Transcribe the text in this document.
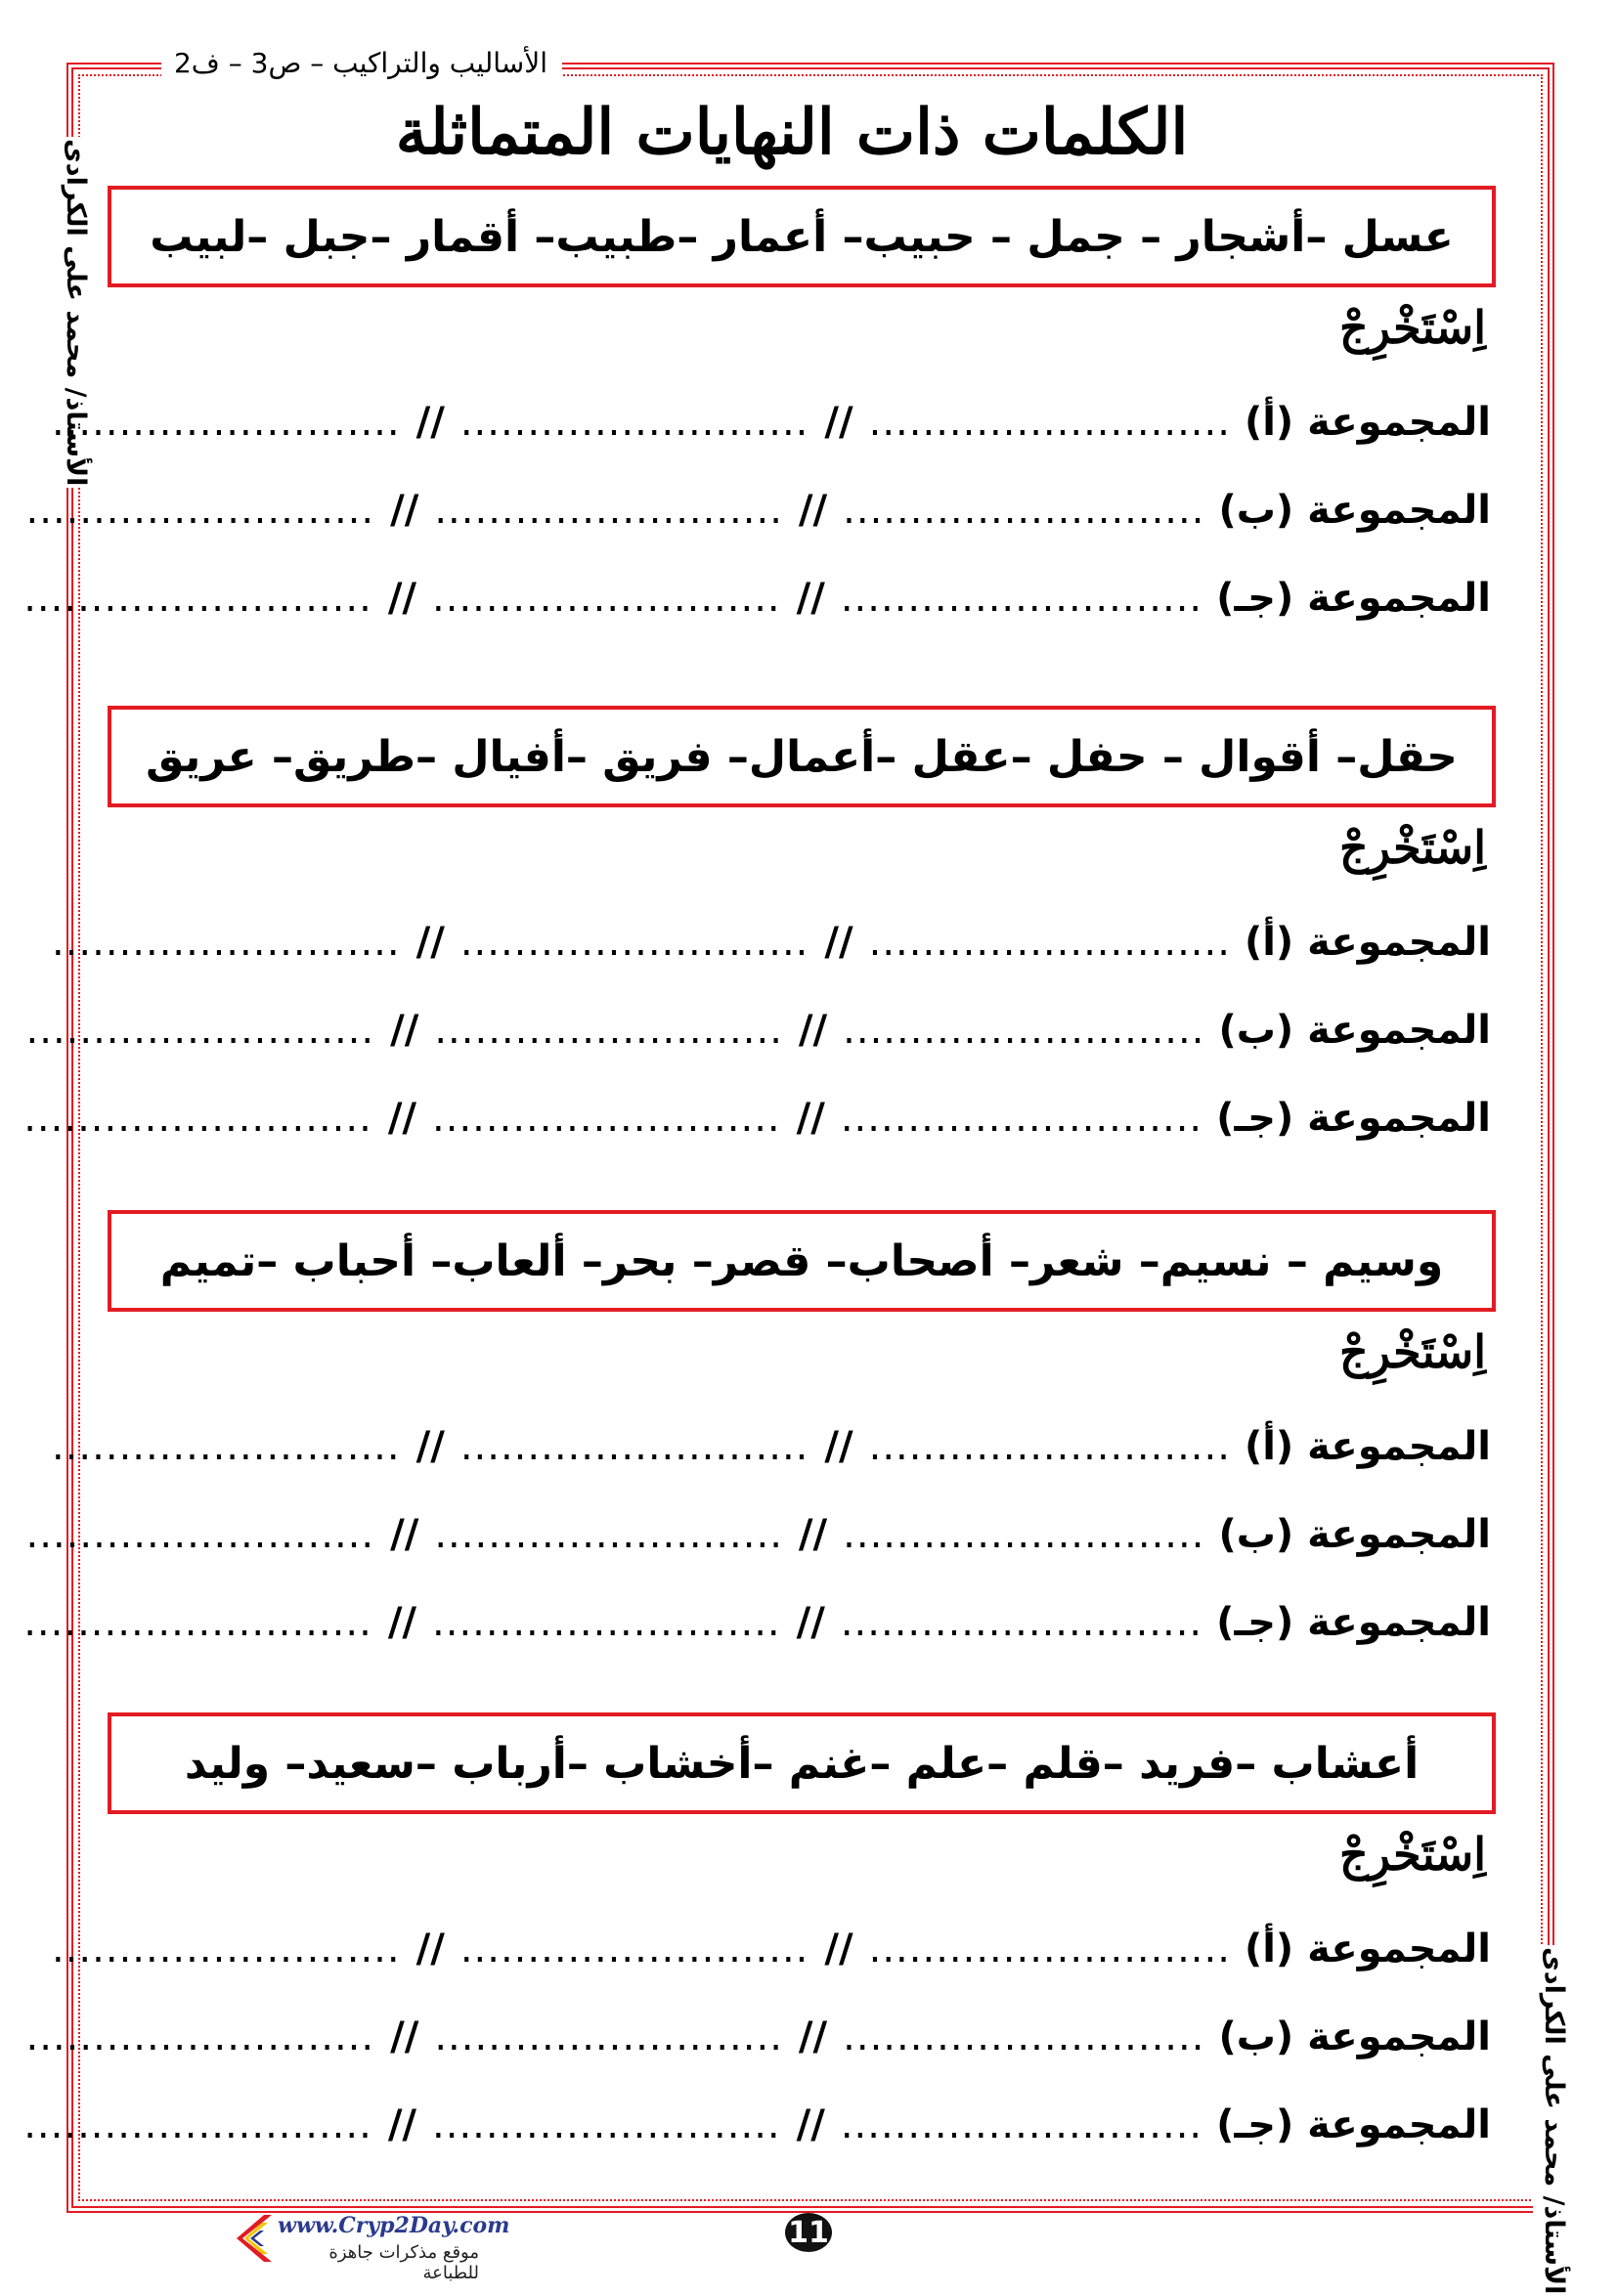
الأساليب والتراكيب – ص3 – ف2
الكلمات ذات النهايات المتماثلة
الأستاذ/ محمد على الكرادى
الأستاذ/ محمد على الكرادى
عسل –أشجار – جمل – حبيب– أعمار –طبيب– أقمار –جبل –لبيب
اِسْتَخْرِجْ
المجموعة (أ)
...........................
//
..........................
//
..........................
المجموعة (ب)
...........................
//
..........................
//
..........................
المجموعة (جـ)
...........................
//
..........................
//
..........................
حقل– أقوال – حفل –عقل –أعمال– فريق –أفيال –طريق– عريق
اِسْتَخْرِجْ
المجموعة (أ)
...........................
//
..........................
//
..........................
المجموعة (ب)
...........................
//
..........................
//
..........................
المجموعة (جـ)
...........................
//
..........................
//
..........................
وسيم – نسيم– شعر– أصحاب– قصر– بحر– ألعاب– أحباب –تميم
اِسْتَخْرِجْ
المجموعة (أ)
...........................
//
..........................
//
..........................
المجموعة (ب)
...........................
//
..........................
//
..........................
المجموعة (جـ)
...........................
//
..........................
//
..........................
أعشاب –فريد –قلم –علم –غنم –أخشاب –أرباب –سعيد– وليد
اِسْتَخْرِجْ
المجموعة (أ)
...........................
//
..........................
//
..........................
المجموعة (ب)
...........................
//
..........................
//
..........................
المجموعة (جـ)
...........................
//
..........................
//
..........................
www.Cryp2Day.com
موقع مذكرات جاهزة للطباعة
11
